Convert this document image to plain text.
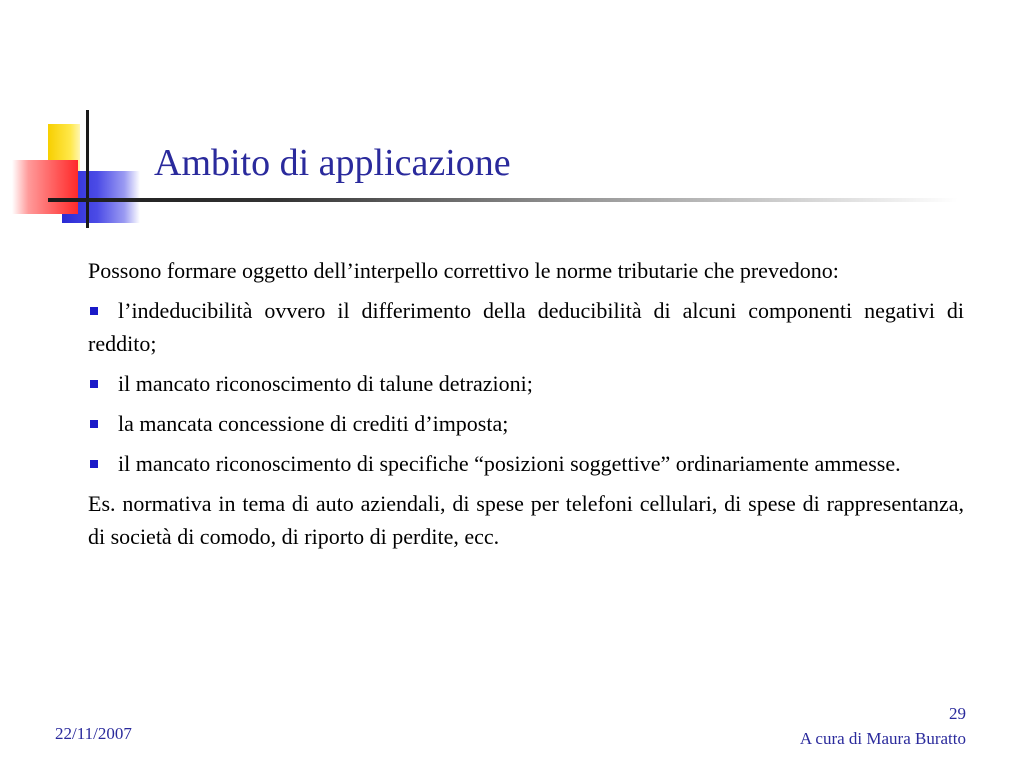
Ambito di applicazione

Possono formare oggetto dell’interpello correttivo le norme tributarie che prevedono:

l’indeducibilità ovvero il differimento della deducibilità di alcuni componenti negativi di reddito;

il mancato riconoscimento di talune detrazioni;

la mancata concessione di crediti d’imposta;

il mancato riconoscimento di specifiche “posizioni soggettive” ordinariamente ammesse.

Es. normativa in tema di auto aziendali, di spese per telefoni cellulari, di spese di rappresentanza, di società di comodo, di riporto di perdite, ecc.

22/11/2007
29
A cura di Maura Buratto
